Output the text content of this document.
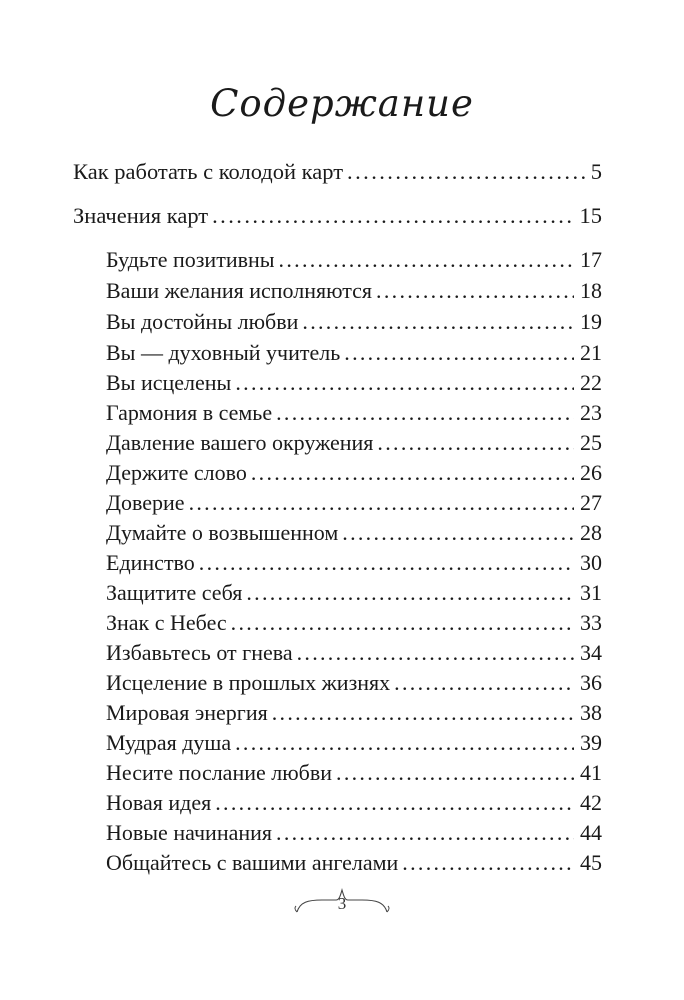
Содержание
Как работать с колодой карт . . .	5
Значения карт . . .	15
Будьте позитивны . . .	17
Ваши желания исполняются . . .	18
Вы достойны любви . . .	19
Вы — духовный учитель . . .	21
Вы исцелены . . .	22
Гармония в семье . . .	23
Давление вашего окружения . . .	25
Держите слово . . .	26
Доверие . . .	27
Думайте о возвышенном . . .	28
Единство . . .	30
Защитите себя . . .	31
Знак с Небес . . .	33
Избавьтесь от гнева . . .	34
Исцеление в прошлых жизнях . . .	36
Мировая энергия . . .	38
Мудрая душа . . .	39
Несите послание любви . . .	41
Новая идея . . .	42
Новые начинания . . .	44
Общайтесь с вашими ангелами . . .	45
3
